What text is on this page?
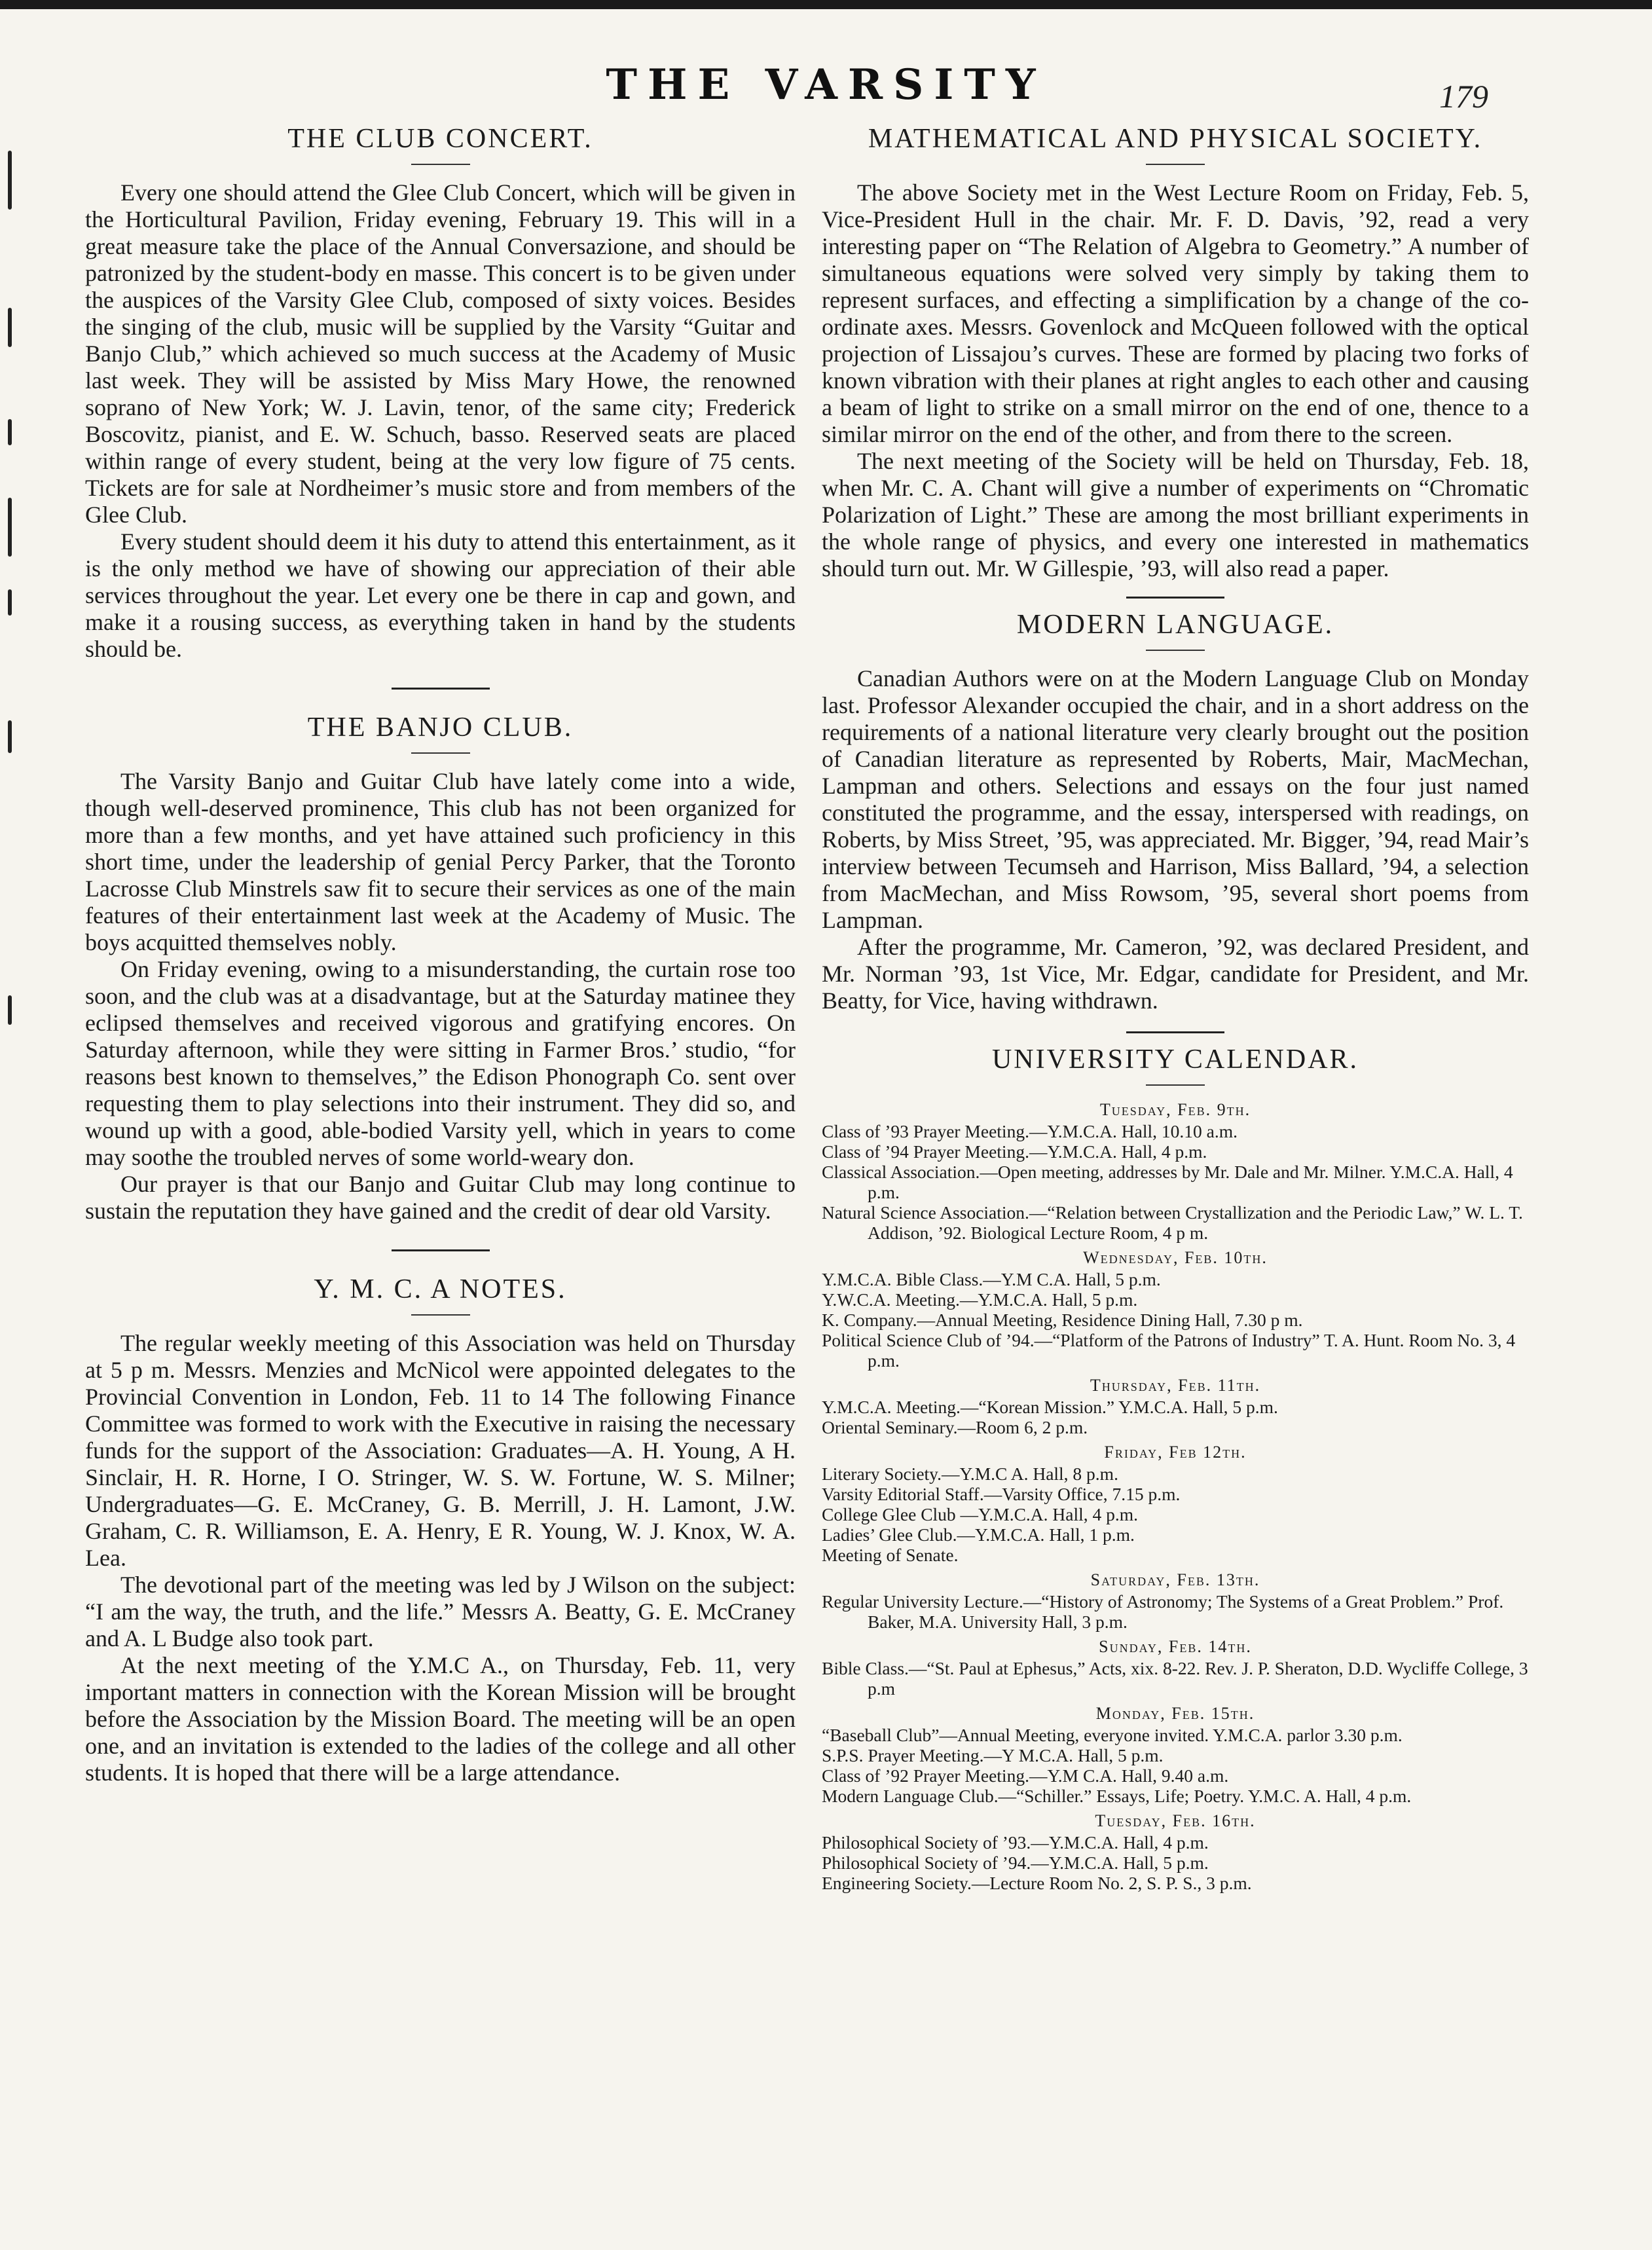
THE VARSITY	179
THE CLUB CONCERT.

Every one should attend the Glee Club Concert, which will be given in the Horticultural Pavilion, Friday evening, February 19. This will in a great measure take the place of the Annual Conversazione, and should be patronized by the student-body en masse. This concert is to be given under the auspices of the Varsity Glee Club, composed of sixty voices. Besides the singing of the club, music will be supplied by the Varsity “Guitar and Banjo Club,” which achieved so much success at the Academy of Music last week. They will be assisted by Miss Mary Howe, the renowned soprano of New York; W. J. Lavin, tenor, of the same city; Frederick Boscovitz, pianist, and E. W. Schuch, basso. Reserved seats are placed within range of every student, being at the very low figure of 75 cents. Tickets are for sale at Nordheimer’s music store and from members of the Glee Club.

Every student should deem it his duty to attend this entertainment, as it is the only method we have of showing our appreciation of their able services throughout the year. Let every one be there in cap and gown, and make it a rousing success, as everything taken in hand by the students should be.

THE BANJO CLUB.

The Varsity Banjo and Guitar Club have lately come into a wide, though well-deserved prominence, This club has not been organized for more than a few months, and yet have attained such proficiency in this short time, under the leadership of genial Percy Parker, that the Toronto Lacrosse Club Minstrels saw fit to secure their services as one of the main features of their entertainment last week at the Academy of Music. The boys acquitted themselves nobly.

On Friday evening, owing to a misunderstanding, the curtain rose too soon, and the club was at a disadvantage, but at the Saturday matinee they eclipsed themselves and received vigorous and gratifying encores. On Saturday afternoon, while they were sitting in Farmer Bros.’ studio, “for reasons best known to themselves,” the Edison Phonograph Co. sent over requesting them to play selections into their instrument. They did so, and wound up with a good, able-bodied Varsity yell, which in years to come may soothe the troubled nerves of some world-weary don.

Our prayer is that our Banjo and Guitar Club may long continue to sustain the reputation they have gained and the credit of dear old Varsity.

Y. M. C. A NOTES.

The regular weekly meeting of this Association was held on Thursday at 5 p m. Messrs. Menzies and McNicol were appointed delegates to the Provincial Convention in London, Feb. 11 to 14 The following Finance Committee was formed to work with the Executive in raising the necessary funds for the support of the Association: Graduates—A. H. Young, A H. Sinclair, H. R. Horne, I O. Stringer, W. S. W. Fortune, W. S. Milner; Undergraduates—G. E. McCraney, G. B. Merrill, J. H. Lamont, J.W. Graham, C. R. Williamson, E. A. Henry, E R. Young, W. J. Knox, W. A. Lea.

The devotional part of the meeting was led by J Wilson on the subject: “I am the way, the truth, and the life.” Messrs A. Beatty, G. E. McCraney and A. L Budge also took part.

At the next meeting of the Y.M.C A., on Thursday, Feb. 11, very important matters in connection with the Korean Mission will be brought before the Association by the Mission Board. The meeting will be an open one, and an invitation is extended to the ladies of the college and all other students. It is hoped that there will be a large attendance.

MATHEMATICAL AND PHYSICAL SOCIETY.

The above Society met in the West Lecture Room on Friday, Feb. 5, Vice-President Hull in the chair. Mr. F. D. Davis, ’92, read a very interesting paper on “The Relation of Algebra to Geometry.” A number of simultaneous equations were solved very simply by taking them to represent surfaces, and effecting a simplification by a change of the co-ordinate axes. Messrs. Govenlock and McQueen followed with the optical projection of Lissajou’s curves. These are formed by placing two forks of known vibration with their planes at right angles to each other and causing a beam of light to strike on a small mirror on the end of one, thence to a similar mirror on the end of the other, and from there to the screen.

The next meeting of the Society will be held on Thursday, Feb. 18, when Mr. C. A. Chant will give a number of experiments on “Chromatic Polarization of Light.” These are among the most brilliant experiments in the whole range of physics, and every one interested in mathematics should turn out. Mr. W Gillespie, ’93, will also read a paper.

MODERN LANGUAGE.

Canadian Authors were on at the Modern Language Club on Monday last. Professor Alexander occupied the chair, and in a short address on the requirements of a national literature very clearly brought out the position of Canadian literature as represented by Roberts, Mair, MacMechan, Lampman and others. Selections and essays on the four just named constituted the programme, and the essay, interspersed with readings, on Roberts, by Miss Street, ’95, was appreciated. Mr. Bigger, ’94, read Mair’s interview between Tecumseh and Harrison, Miss Ballard, ’94, a selection from MacMechan, and Miss Rowsom, ’95, several short poems from Lampman.

After the programme, Mr. Cameron, ’92, was declared President, and Mr. Norman ’93, 1st Vice, Mr. Edgar, candidate for President, and Mr. Beatty, for Vice, having withdrawn.

UNIVERSITY CALENDAR.
Tuesday, Feb. 9th.

Class of ’93 Prayer Meeting.—Y.M.C.A. Hall, 10.10 a.m.

Class of ’94 Prayer Meeting.—Y.M.C.A. Hall, 4 p.m.

Classical Association.—Open meeting, addresses by Mr. Dale and Mr. Milner. Y.M.C.A. Hall, 4 p.m.

Natural Science Association.—“Relation between Crystallization and the Periodic Law,” W. L. T. Addison, ’92. Biological Lecture Room, 4 p m.

Wednesday, Feb. 10th.

Y.M.C.A. Bible Class.—Y.M C.A. Hall, 5 p.m.

Y.W.C.A. Meeting.—Y.M.C.A. Hall, 5 p.m.

K. Company.—Annual Meeting, Residence Dining Hall, 7.30 p m.

Political Science Club of ’94.—“Platform of the Patrons of Industry” T. A. Hunt. Room No. 3, 4 p.m.

Thursday, Feb. 11th.

Y.M.C.A. Meeting.—“Korean Mission.” Y.M.C.A. Hall, 5 p.m.

Oriental Seminary.—Room 6, 2 p.m.

Friday, Feb 12th.

Literary Society.—Y.M.C A. Hall, 8 p.m.

Varsity Editorial Staff.—Varsity Office, 7.15 p.m.

College Glee Club —Y.M.C.A. Hall, 4 p.m.

Ladies’ Glee Club.—Y.M.C.A. Hall, 1 p.m.

Meeting of Senate.

Saturday, Feb. 13th.

Regular University Lecture.—“History of Astronomy; The Systems of a Great Problem.” Prof. Baker, M.A. University Hall, 3 p.m.

Sunday, Feb. 14th.

Bible Class.—“St. Paul at Ephesus,” Acts, xix. 8-22. Rev. J. P. Sheraton, D.D. Wycliffe College, 3 p.m

Monday, Feb. 15th.

“Baseball Club”—Annual Meeting, everyone invited. Y.M.C.A. parlor 3.30 p.m.

S.P.S. Prayer Meeting.—Y M.C.A. Hall, 5 p.m.

Class of ’92 Prayer Meeting.—Y.M C.A. Hall, 9.40 a.m.

Modern Language Club.—“Schiller.” Essays, Life; Poetry. Y.M.C. A. Hall, 4 p.m.

Tuesday, Feb. 16th.

Philosophical Society of ’93.—Y.M.C.A. Hall, 4 p.m.

Philosophical Society of ’94.—Y.M.C.A. Hall, 5 p.m.

Engineering Society.—Lecture Room No. 2, S. P. S., 3 p.m.
